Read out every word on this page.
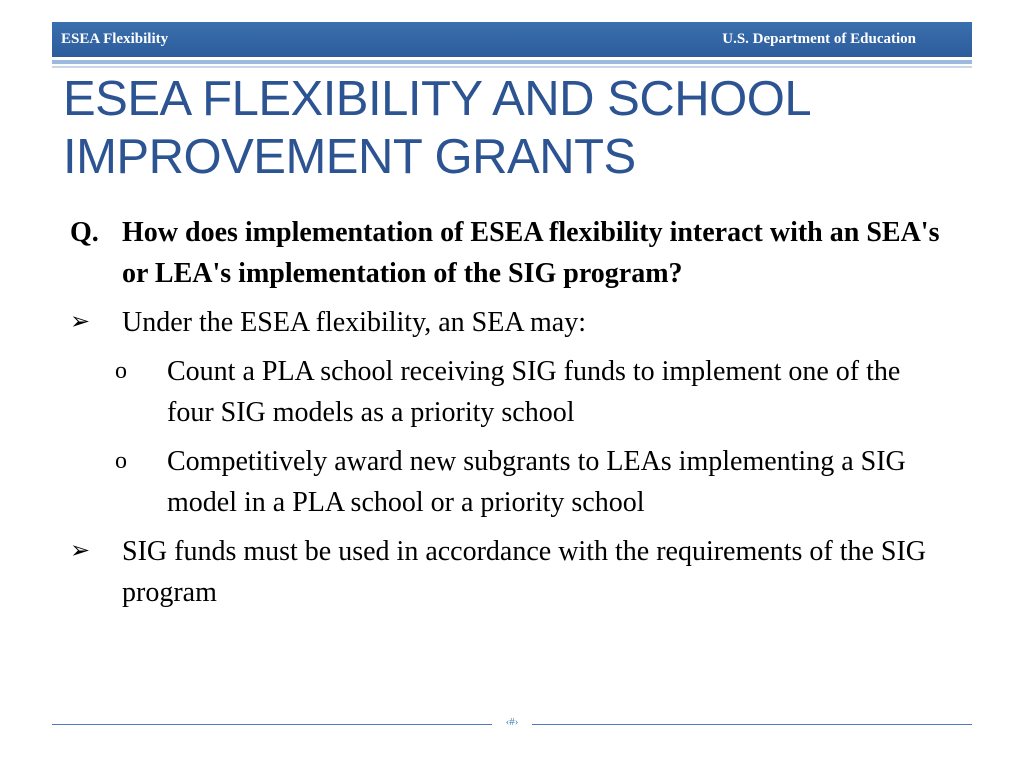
ESEA Flexibility	U.S. Department of Education
ESEA FLEXIBILITY AND SCHOOL IMPROVEMENT GRANTS
Q. How does implementation of ESEA flexibility interact with an SEA's or LEA's implementation of the SIG program?
➢	Under the ESEA flexibility, an SEA may:
o	Count a PLA school receiving SIG funds to implement one of the four SIG models as a priority school
o	Competitively award new subgrants to LEAs implementing a SIG model in a PLA school or a priority school
➢	SIG funds must be used in accordance with the requirements of the SIG program
‹#›
